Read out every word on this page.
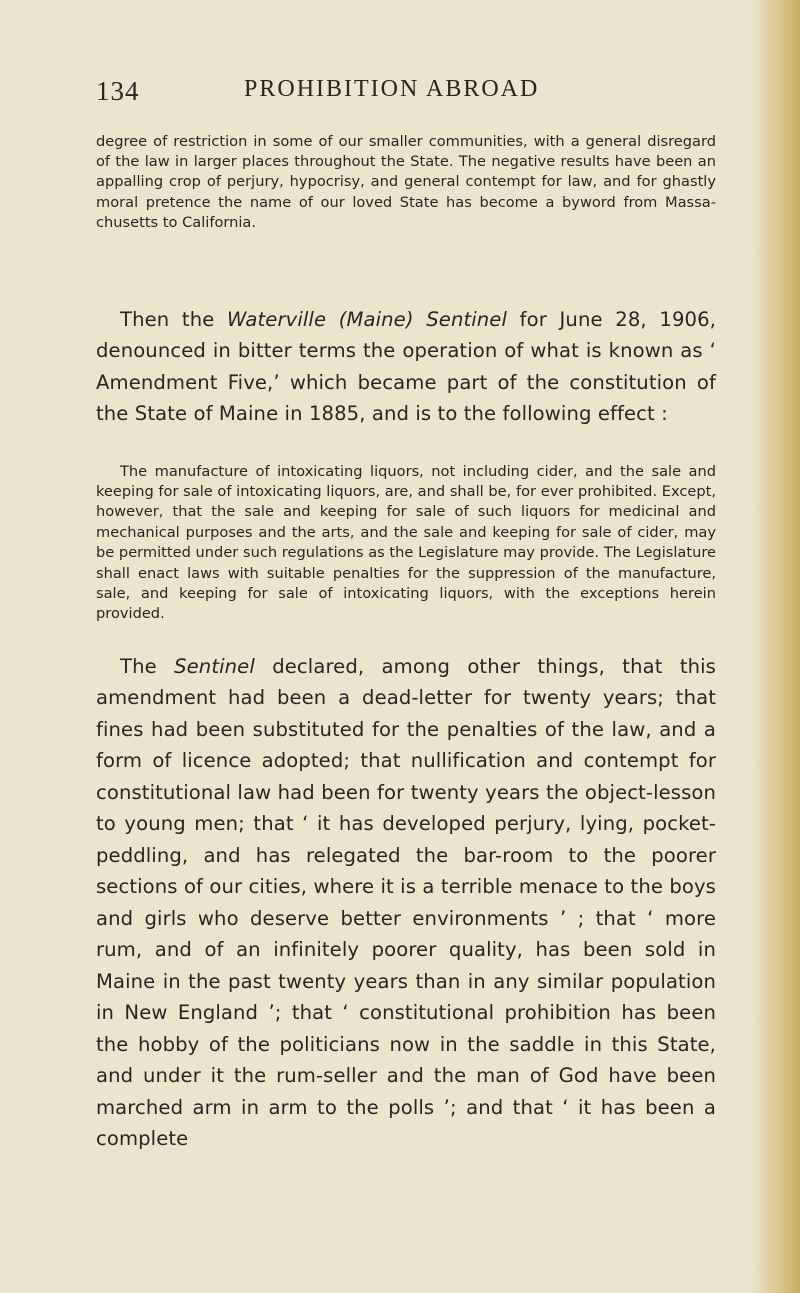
134	PROHIBITION ABROAD

degree of restriction in some of our smaller communities, with a general disregard of the law in larger places throughout the State. The negative results have been an appalling crop of perjury, hypocrisy, and general contempt for law, and for ghastly moral pretence the name of our loved State has become a byword from Massachusetts to California.

Then the Waterville (Maine) Sentinel for June 28, 1906, denounced in bitter terms the operation of what is known as ‘ Amendment Five,’ which became part of the constitution of the State of Maine in 1885, and is to the following effect :

The manufacture of intoxicating liquors, not including cider, and the sale and keeping for sale of intoxicating liquors, are, and shall be, for ever prohibited. Except, however, that the sale and keeping for sale of such liquors for medicinal and mechanical purposes and the arts, and the sale and keeping for sale of cider, may be permitted under such regulations as the Legislature may provide. The Legislature shall enact laws with suitable penalties for the suppression of the manufacture, sale, and keeping for sale of intoxicating liquors, with the exceptions herein provided.

The Sentinel declared, among other things, that this amendment had been a dead-letter for twenty years; that fines had been substituted for the penalties of the law, and a form of licence adopted; that nullification and contempt for constitutional law had been for twenty years the object-lesson to young men; that ‘ it has developed perjury, lying, pocket-peddling, and has relegated the bar-room to the poorer sections of our cities, where it is a terrible menace to the boys and girls who deserve better environments ’ ; that ‘ more rum, and of an infinitely poorer quality, has been sold in Maine in the past twenty years than in any similar population in New England ’; that ‘ constitutional prohibition has been the hobby of the politicians now in the saddle in this State, and under it the rum-seller and the man of God have been marched arm in arm to the polls ’; and that ‘ it has been a complete
